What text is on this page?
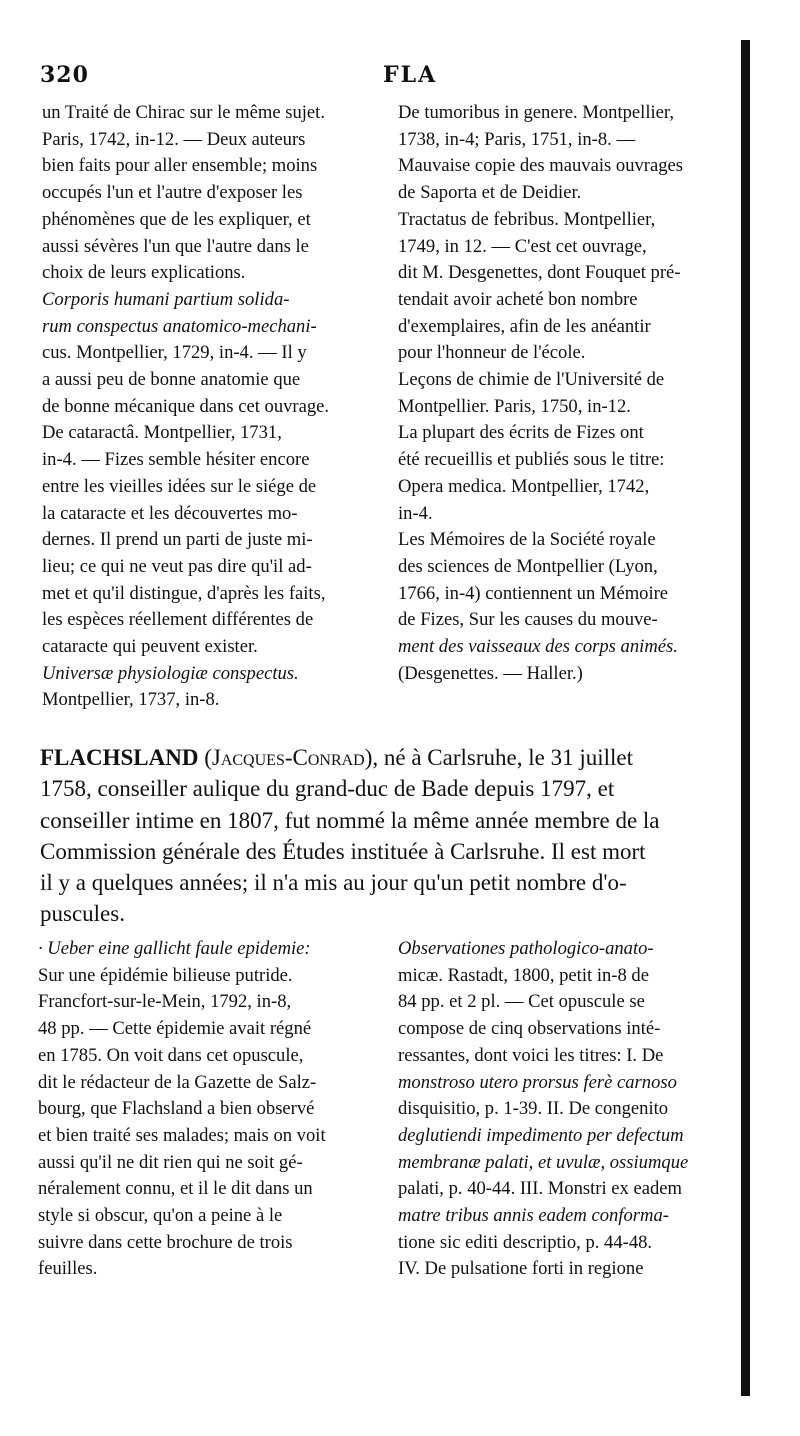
320	FLA
un Traité de Chirac sur le même sujet.
Paris, 1742, in-12. — Deux auteurs
bien faits pour aller ensemble; moins
occupés l'un et l'autre d'exposer les
phénomènes que de les expliquer, et
aussi sévères l'un que l'autre dans le
choix de leurs explications.
Corporis humani partium solida-
rum conspectus anatomico-mechani-
cus. Montpellier, 1729, in-4. — Il y
a aussi peu de bonne anatomie que
de bonne mécanique dans cet ouvrage.
De cataractâ. Montpellier, 1731,
in-4. — Fizes semble hésiter encore
entre les vieilles idées sur le siége de
la cataracte et les découvertes mo-
dernes. Il prend un parti de juste mi-
lieu; ce qui ne veut pas dire qu'il ad-
met et qu'il distingue, d'après les faits,
les espèces réellement différentes de
cataracte qui peuvent exister.
Universæ physiologiæ conspectus.
Montpellier, 1737, in-8.
De tumoribus in genere. Montpellier,
1738, in-4; Paris, 1751, in-8. —
Mauvaise copie des mauvais ouvrages
de Saporta et de Deidier.
Tractatus de febribus. Montpellier,
1749, in 12. — C'est cet ouvrage,
dit M. Desgenettes, dont Fouquet pré-
tendait avoir acheté bon nombre
d'exemplaires, afin de les anéantir
pour l'honneur de l'école.
Leçons de chimie de l'Université de
Montpellier. Paris, 1750, in-12.
La plupart des écrits de Fizes ont
été recueillis et publiés sous le titre:
Opera medica. Montpellier, 1742,
in-4.
Les Mémoires de la Société royale
des sciences de Montpellier (Lyon,
1766, in-4) contiennent un Mémoire
de Fizes, Sur les causes du mouve-
ment des vaisseaux des corps animés.
(Desgenettes. — Haller.)
FLACHSLAND (Jacques-Conrad), né à Carlsruhe, le 31 juillet
1758, conseiller aulique du grand-duc de Bade depuis 1797, et
conseiller intime en 1807, fut nommé la même année membre de la
Commission générale des Études instituée à Carlsruhe. Il est mort
il y a quelques années; il n'a mis au jour qu'un petit nombre d'o-
puscules.
· Ueber eine gallicht faule epidemie:
Sur une épidémie bilieuse putride.
Francfort-sur-le-Mein, 1792, in-8,
48 pp. — Cette épidemie avait régné
en 1785. On voit dans cet opuscule,
dit le rédacteur de la Gazette de Salz-
bourg, que Flachsland a bien observé
et bien traité ses malades; mais on voit
aussi qu'il ne dit rien qui ne soit gé-
néralement connu, et il le dit dans un
style si obscur, qu'on a peine à le
suivre dans cette brochure de trois
feuilles.
Observationes pathologico-anato-
micæ. Rastadt, 1800, petit in-8 de
84 pp. et 2 pl. — Cet opuscule se
compose de cinq observations inté-
ressantes, dont voici les titres: I. De
monstroso utero prorsus ferè carnoso
disquisitio, p. 1-39. II. De congenito
deglutiendi impedimento per defectum
membranæ palati, et uvulæ, ossiumque
palati, p. 40-44. III. Monstri ex eadem
matre tribus annis eadem conforma-
tione sic editi descriptio, p. 44-48.
IV. De pulsatione forti in regione
